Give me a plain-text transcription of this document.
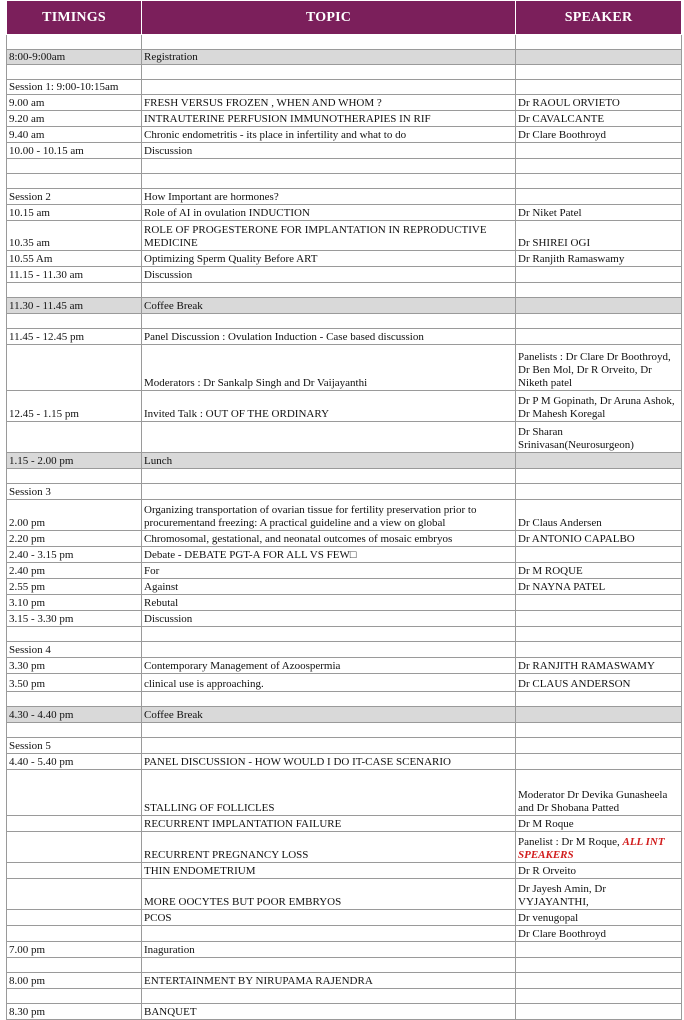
TIMINGS	TOPIC	SPEAKER

8:00-9:00am	Registration	

Session 1: 9:00-10:15am		
9.00 am	FRESH VERSUS FROZEN , WHEN AND WHOM ?	Dr RAOUL ORVIETO
9.20 am	INTRAUTERINE PERFUSION IMMUNOTHERAPIES IN RIF	Dr CAVALCANTE
9.40 am	Chronic endometritis - its place in infertility and what to do	Dr Clare Boothroyd
10.00 - 10.15 am	Discussion	

Session 2	How Important are hormones?	
10.15 am	Role of AI in ovulation INDUCTION	Dr Niket Patel
10.35 am	ROLE OF PROGESTERONE FOR IMPLANTATION IN REPRODUCTIVE MEDICINE	Dr SHIREI OGI
10.55 Am	Optimizing Sperm Quality Before ART	Dr Ranjith Ramaswamy
11.15 - 11.30 am	Discussion	

11.30 - 11.45 am	Coffee Break	

11.45 - 12.45 pm	Panel Discussion : Ovulation Induction - Case based discussion	
	Moderators : Dr Sankalp Singh and Dr Vaijayanthi	Panelists : Dr Clare Dr Boothroyd, Dr Ben Mol, Dr R Orveito, Dr Niketh patel
12.45 - 1.15 pm	Invited Talk : OUT OF THE ORDINARY	Dr P M Gopinath, Dr Aruna Ashok, Dr Mahesh Koregal
		Dr Sharan Srinivasan(Neurosurgeon)
1.15 - 2.00 pm	Lunch	

Session 3		
2.00 pm	Organizing transportation of ovarian tissue for fertility preservation prior to procurementand freezing: A practical guideline and a view on global	Dr Claus Andersen
2.20 pm	Chromosomal, gestational, and neonatal outcomes of mosaic embryos	Dr ANTONIO CAPALBO
2.40 - 3.15 pm	Debate - DEBATE PGT-A FOR ALL VS FEW□	
2.40 pm	For	Dr M ROQUE
2.55 pm	Against	Dr NAYNA PATEL
3.10 pm	Rebutal	
3.15 - 3.30 pm	Discussion	

Session 4		
3.30 pm	Contemporary Management of Azoospermia	Dr RANJITH RAMASWAMY
3.50 pm	clinical use is approaching.	Dr CLAUS ANDERSON

4.30 - 4.40 pm	Coffee Break	

Session 5		
4.40 - 5.40 pm	PANEL DISCUSSION - HOW WOULD I DO IT-CASE SCENARIO	
	STALLING OF FOLLICLES	Moderator Dr Devika Gunasheela and Dr Shobana Patted
	RECURRENT IMPLANTATION FAILURE	Dr M Roque
	RECURRENT PREGNANCY LOSS	Panelist : Dr M Roque, ALL INT SPEAKERS
	THIN ENDOMETRIUM	Dr R Orveito
	MORE OOCYTES BUT POOR EMBRYOS	Dr Jayesh Amin, Dr VYJAYANTHI,
	PCOS	Dr venugopal
		Dr Clare Boothroyd
7.00 pm	Inaguration	

8.00 pm	ENTERTAINMENT BY NIRUPAMA RAJENDRA	

8.30 pm	BANQUET	
